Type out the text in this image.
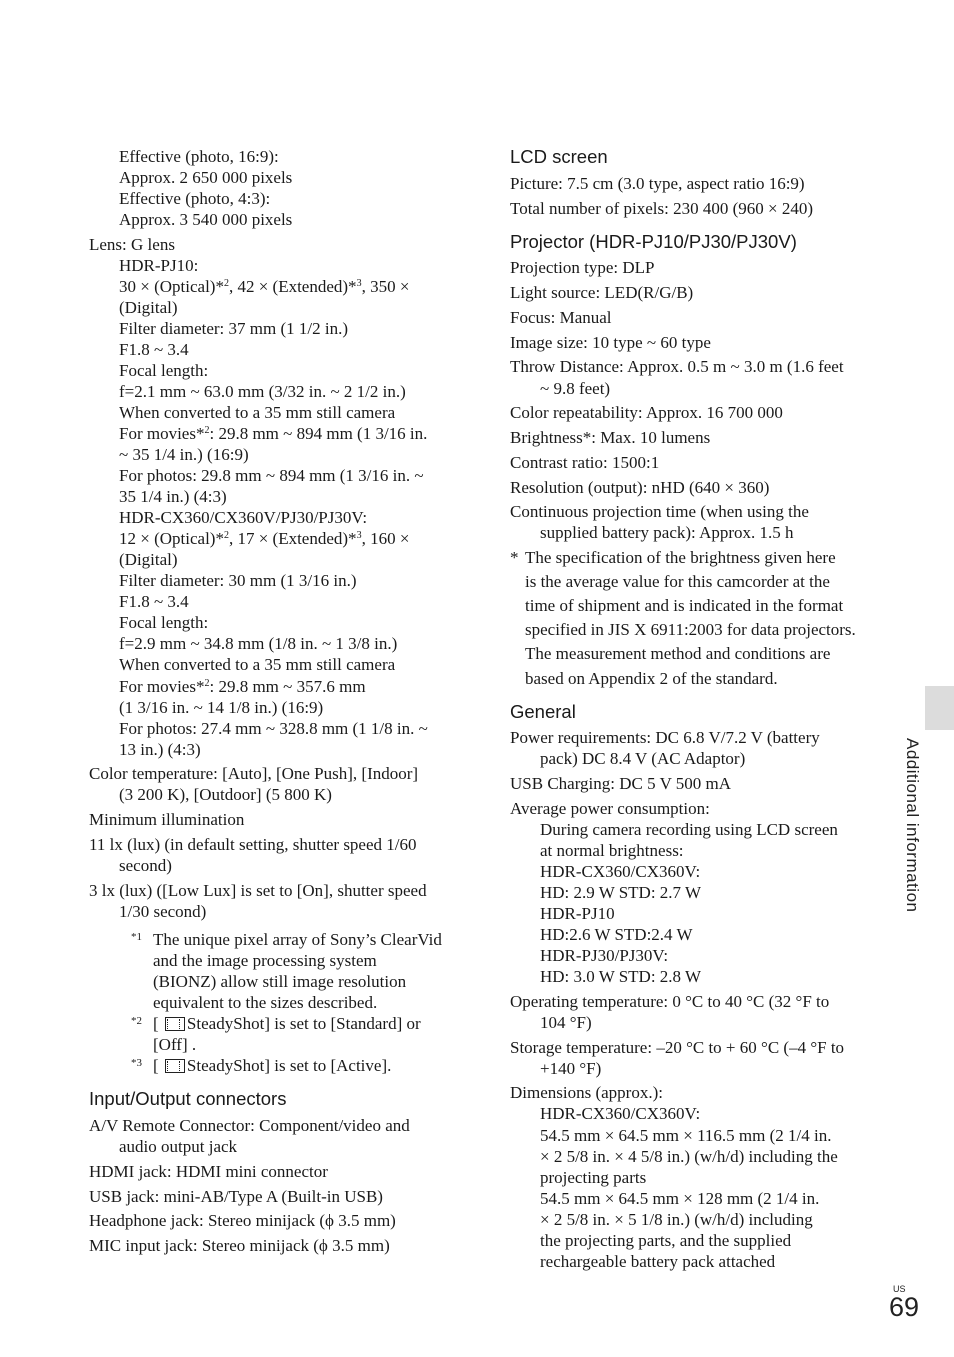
Effective (photo, 16:9):
Approx. 2 650 000 pixels
Effective (photo, 4:3):
Approx. 3 540 000 pixels
Lens: G lens
HDR-PJ10:
30 × (Optical)*$^2$, 42 × (Extended)*$^3$, 350 ×
(Digital)
Filter diameter: 37 mm (1 1/2 in.)
F1.8 ~ 3.4
Focal length:
f=2.1 mm ~ 63.0 mm (3/32 in. ~ 2 1/2 in.)
When converted to a 35 mm still camera
For movies*$^2$: 29.8 mm ~ 894 mm (1 3/16 in.
~ 35 1/4 in.) (16:9)
For photos: 29.8 mm ~ 894 mm (1 3/16 in. ~
35 1/4 in.) (4:3)
HDR-CX360/CX360V/PJ30/PJ30V:
12 × (Optical)*$^2$, 17 × (Extended)*$^3$, 160 ×
(Digital)
Filter diameter: 30 mm (1 3/16 in.)
F1.8 ~ 3.4
Focal length:
f=2.9 mm ~ 34.8 mm (1/8 in. ~ 1 3/8 in.)
When converted to a 35 mm still camera
For movies*$^2$: 29.8 mm ~ 357.6 mm
(1 3/16 in. ~ 14 1/8 in.) (16:9)
For photos: 27.4 mm ~ 328.8 mm (1 1/8 in. ~
13 in.) (4:3)
Color temperature: [Auto], [One Push], [Indoor]
(3 200 K), [Outdoor] (5 800 K)
Minimum illumination
11 lx (lux) (in default setting, shutter speed 1/60
second)
3 lx (lux) ([Low Lux] is set to [On], shutter speed
1/30 second)
*1 The unique pixel array of Sony’s ClearVid
and the image processing system
(BIONZ) allow still image resolution
equivalent to the sizes described.
*2 [ SteadyShot] is set to [Standard] or
[Off] .
*3 [ SteadyShot] is set to [Active].
Input/Output connectors
A/V Remote Connector: Component/video and
audio output jack
HDMI jack: HDMI mini connector
USB jack: mini-AB/Type A (Built-in USB)
Headphone jack: Stereo minijack (ϕ 3.5 mm)
MIC input jack: Stereo minijack (ϕ 3.5 mm)
LCD screen
Picture: 7.5 cm (3.0 type, aspect ratio 16:9)
Total number of pixels: 230 400 (960 × 240)
Projector (HDR-PJ10/PJ30/PJ30V)
Projection type: DLP
Light source: LED(R/G/B)
Focus: Manual
Image size: 10 type ~ 60 type
Throw Distance: Approx. 0.5 m ~ 3.0 m (1.6 feet
~ 9.8 feet)
Color repeatability: Approx. 16 700 000
Brightness*: Max. 10 lumens
Contrast ratio: 1500:1
Resolution (output): nHD (640 × 360)
Continuous projection time (when using the
supplied battery pack): Approx. 1.5 h
* The specification of the brightness given here
is the average value for this camcorder at the
time of shipment and is indicated in the format
specified in JIS X 6911:2003 for data projectors.
The measurement method and conditions are
based on Appendix 2 of the standard.
General
Power requirements: DC 6.8 V/7.2 V (battery
pack) DC 8.4 V (AC Adaptor)
USB Charging: DC 5 V 500 mA
Average power consumption:
During camera recording using LCD screen
at normal brightness:
HDR-CX360/CX360V:
HD: 2.9 W STD: 2.7 W
HDR-PJ10
HD:2.6 W STD:2.4 W
HDR-PJ30/PJ30V:
HD: 3.0 W STD: 2.8 W
Operating temperature: 0 °C to 40 °C (32 °F to
104 °F)
Storage temperature: –20 °C to + 60 °C (–4 °F to
+140 °F)
Dimensions (approx.):
HDR-CX360/CX360V:
54.5 mm × 64.5 mm × 116.5 mm (2 1/4 in.
× 2 5/8 in. × 4 5/8 in.) (w/h/d) including the
projecting parts
54.5 mm × 64.5 mm × 128 mm (2 1/4 in.
× 2 5/8 in. × 5 1/8 in.) (w/h/d) including
the projecting parts, and the supplied
rechargeable battery pack attached
Additional information
US
69
